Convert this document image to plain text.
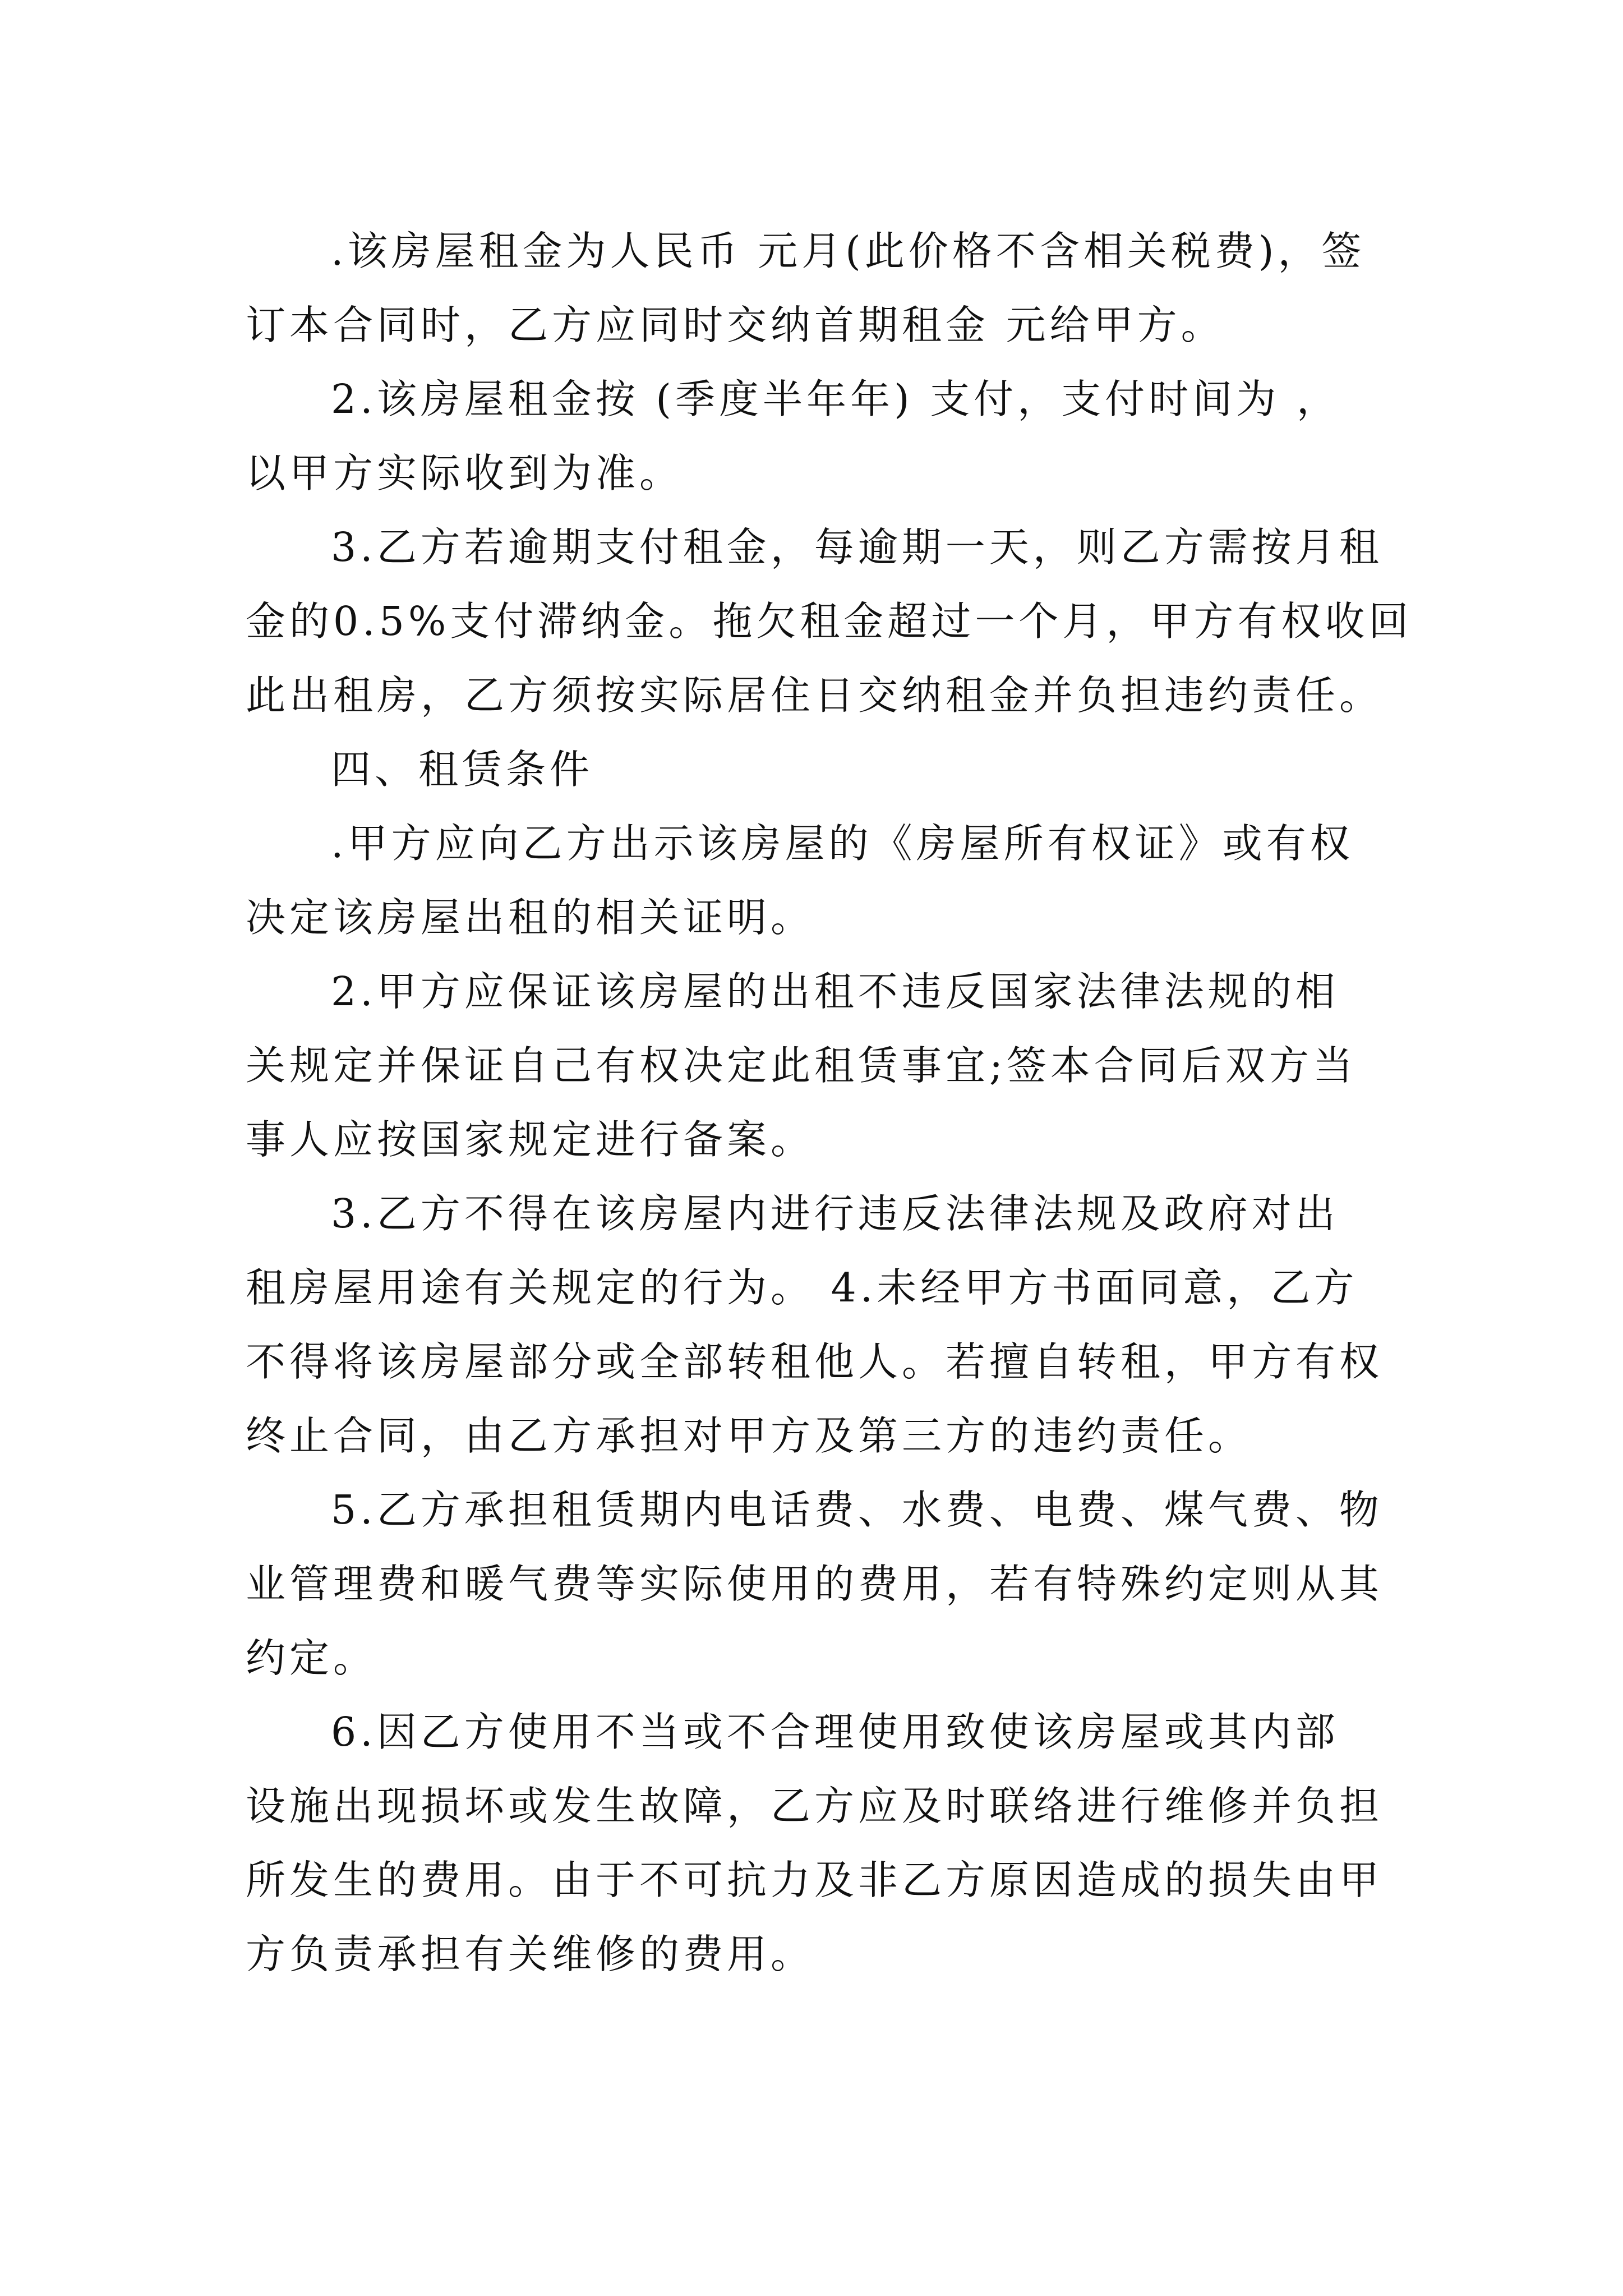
.该房屋租金为人民币 元月(此价格不含相关税费)，签
订本合同时，乙方应同时交纳首期租金 元给甲方。
2.该房屋租金按 (季度半年年) 支付，支付时间为 ，
以甲方实际收到为准。
3.乙方若逾期支付租金，每逾期一天，则乙方需按月租
金的0.5%支付滞纳金。拖欠租金超过一个月，甲方有权收回
此出租房，乙方须按实际居住日交纳租金并负担违约责任。
四、租赁条件
.甲方应向乙方出示该房屋的《房屋所有权证》或有权
决定该房屋出租的相关证明。
2.甲方应保证该房屋的出租不违反国家法律法规的相
关规定并保证自己有权决定此租赁事宜;签本合同后双方当
事人应按国家规定进行备案。
3.乙方不得在该房屋内进行违反法律法规及政府对出
租房屋用途有关规定的行为。 4.未经甲方书面同意，乙方
不得将该房屋部分或全部转租他人。若擅自转租，甲方有权
终止合同，由乙方承担对甲方及第三方的违约责任。
5.乙方承担租赁期内电话费、水费、电费、煤气费、物
业管理费和暖气费等实际使用的费用，若有特殊约定则从其
约定。
6.因乙方使用不当或不合理使用致使该房屋或其内部
设施出现损坏或发生故障，乙方应及时联络进行维修并负担
所发生的费用。由于不可抗力及非乙方原因造成的损失由甲
方负责承担有关维修的费用。
